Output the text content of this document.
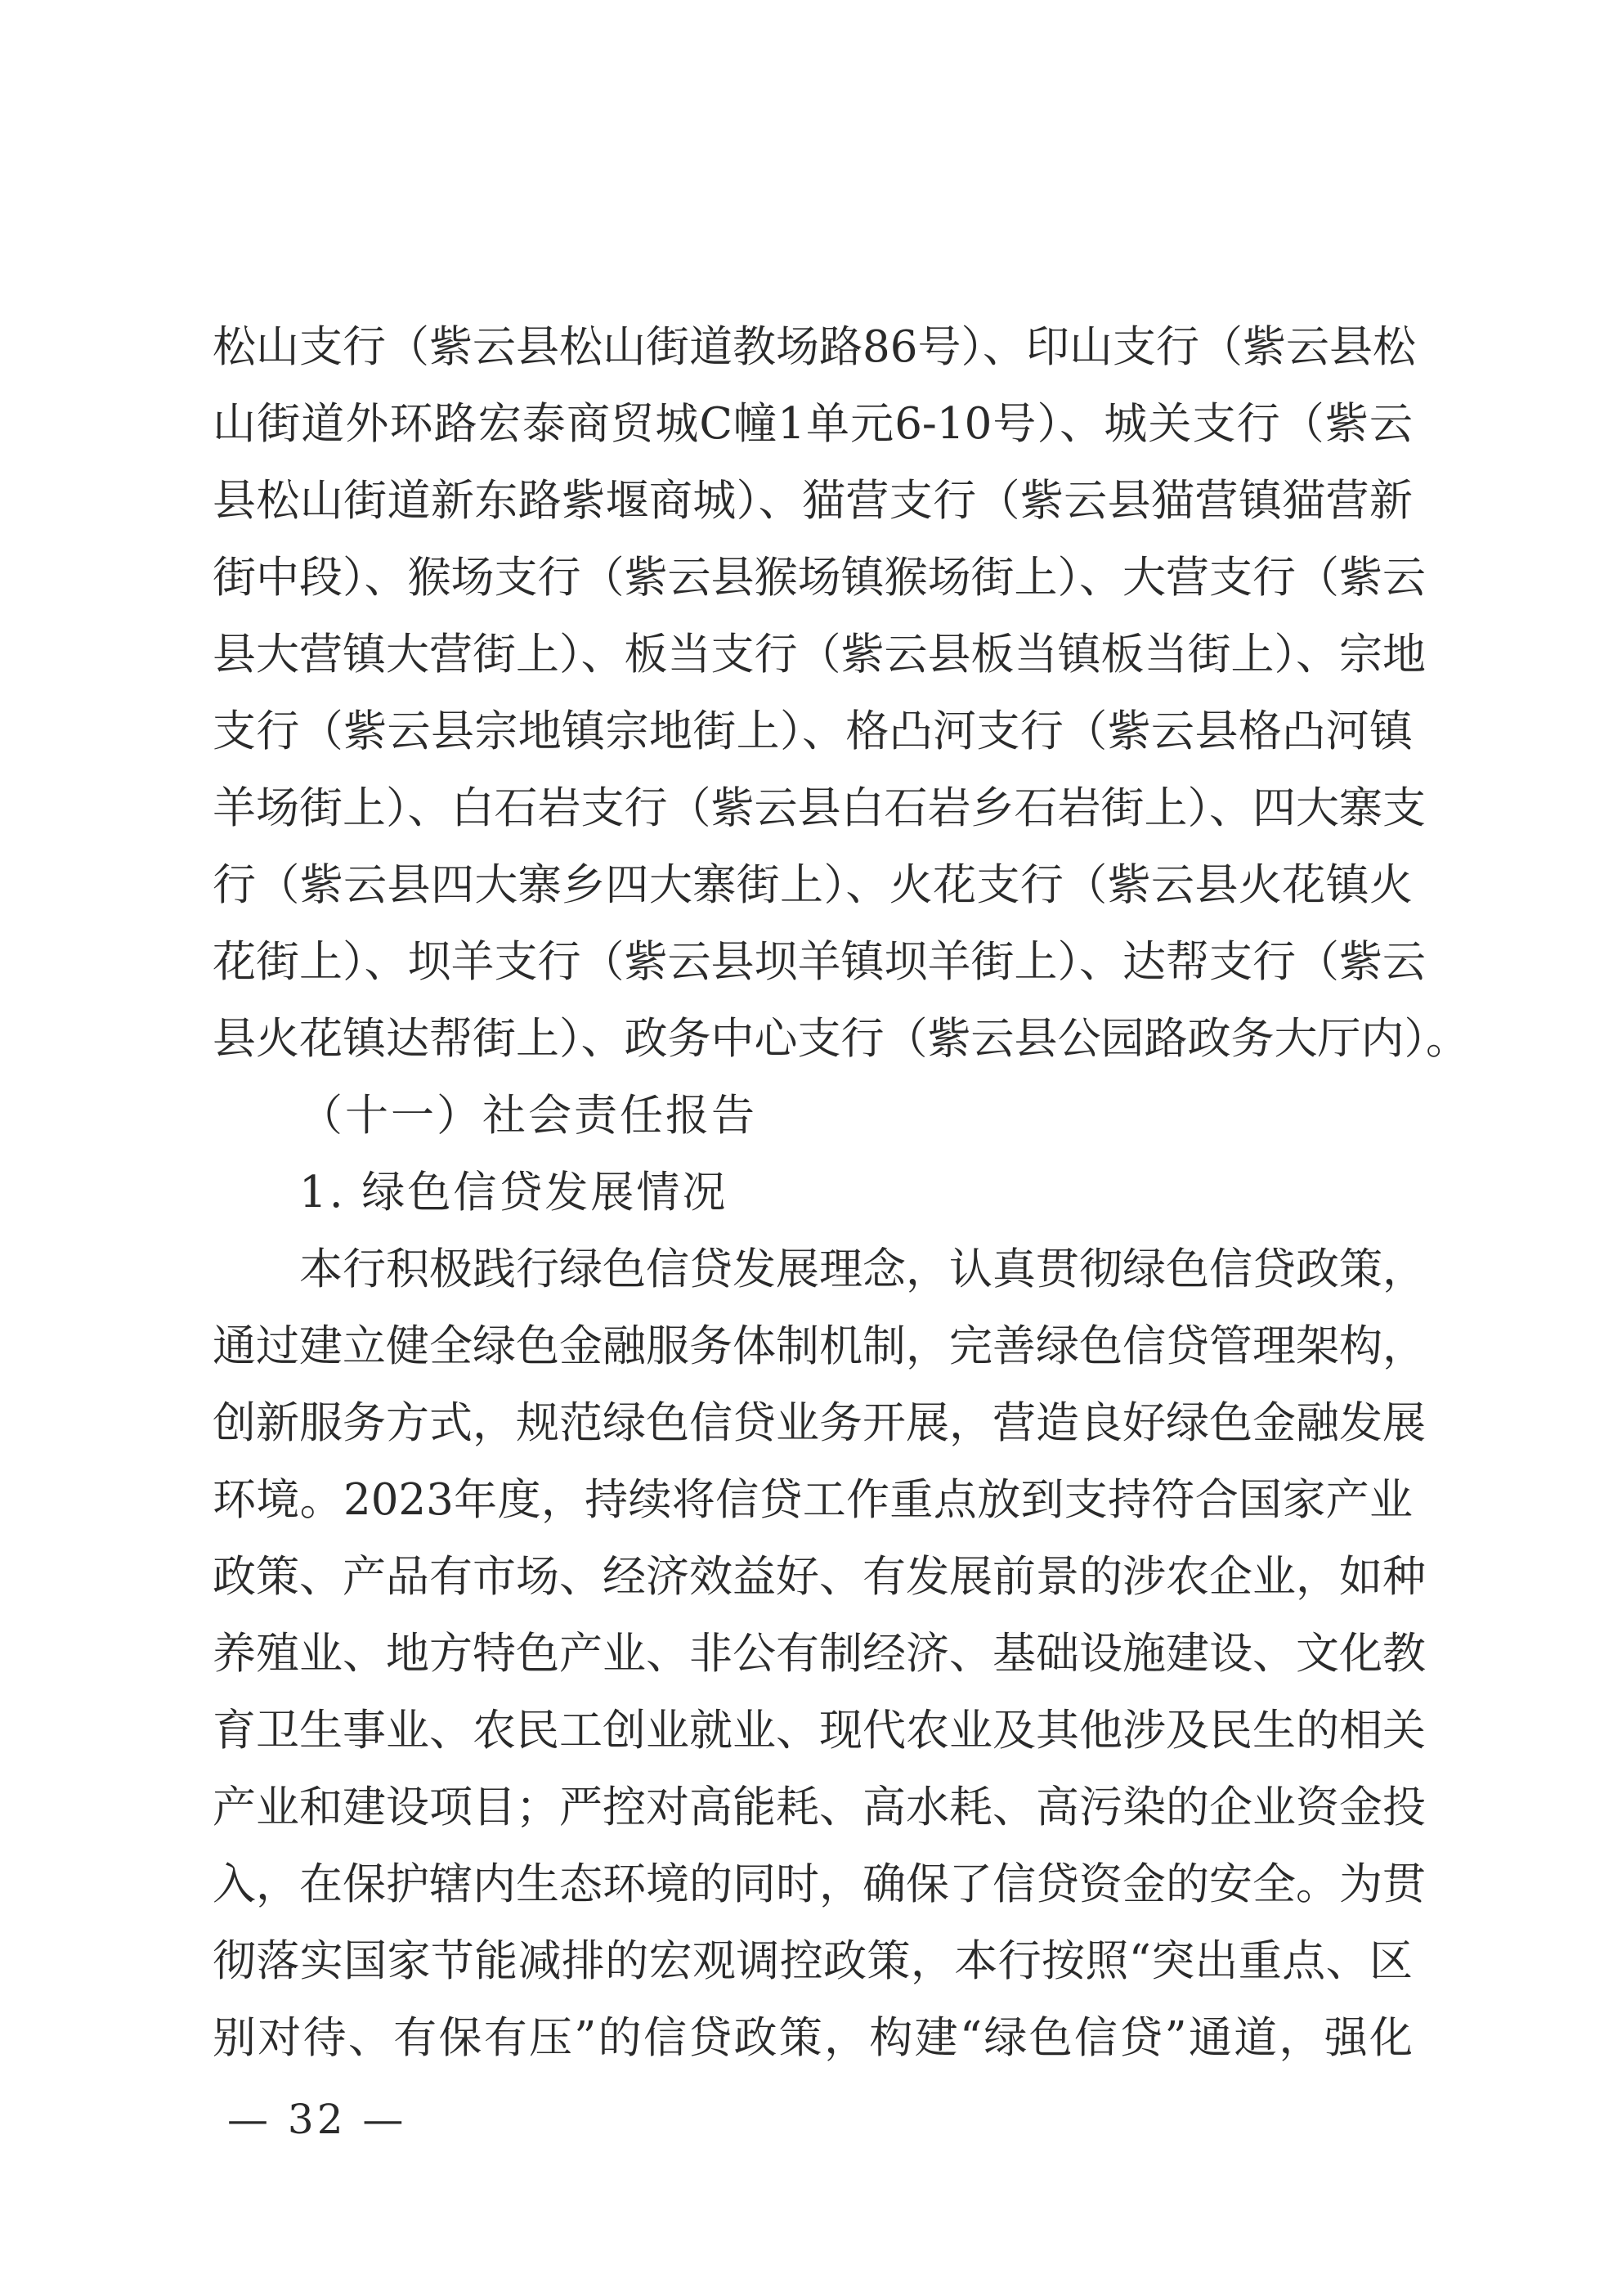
松山支行（紫云县松山街道教场路86号）、印山支行（紫云县松
山街道外环路宏泰商贸城C幢1单元6-10号）、城关支行（紫云
县松山街道新东路紫堰商城）、猫营支行（紫云县猫营镇猫营新
街中段）、猴场支行（紫云县猴场镇猴场街上）、大营支行（紫云
县大营镇大营街上）、板当支行（紫云县板当镇板当街上）、宗地
支行（紫云县宗地镇宗地街上）、格凸河支行（紫云县格凸河镇
羊场街上）、白石岩支行（紫云县白石岩乡石岩街上）、四大寨支
行（紫云县四大寨乡四大寨街上）、火花支行（紫云县火花镇火
花街上）、坝羊支行（紫云县坝羊镇坝羊街上）、达帮支行（紫云
县火花镇达帮街上）、政务中心支行（紫云县公园路政务大厅内）。
（十一）社会责任报告
1. 绿色信贷发展情况
本行积极践行绿色信贷发展理念，认真贯彻绿色信贷政策，
通过建立健全绿色金融服务体制机制，完善绿色信贷管理架构，
创新服务方式，规范绿色信贷业务开展，营造良好绿色金融发展
环境。2023年度，持续将信贷工作重点放到支持符合国家产业
政策、产品有市场、经济效益好、有发展前景的涉农企业，如种
养殖业、地方特色产业、非公有制经济、基础设施建设、文化教
育卫生事业、农民工创业就业、现代农业及其他涉及民生的相关
产业和建设项目；严控对高能耗、高水耗、高污染的企业资金投
入，在保护辖内生态环境的同时，确保了信贷资金的安全。为贯
彻落实国家节能减排的宏观调控政策，本行按照“突出重点、区
别对待、有保有压”的信贷政策，构建“绿色信贷”通道，强化
— 32 —
